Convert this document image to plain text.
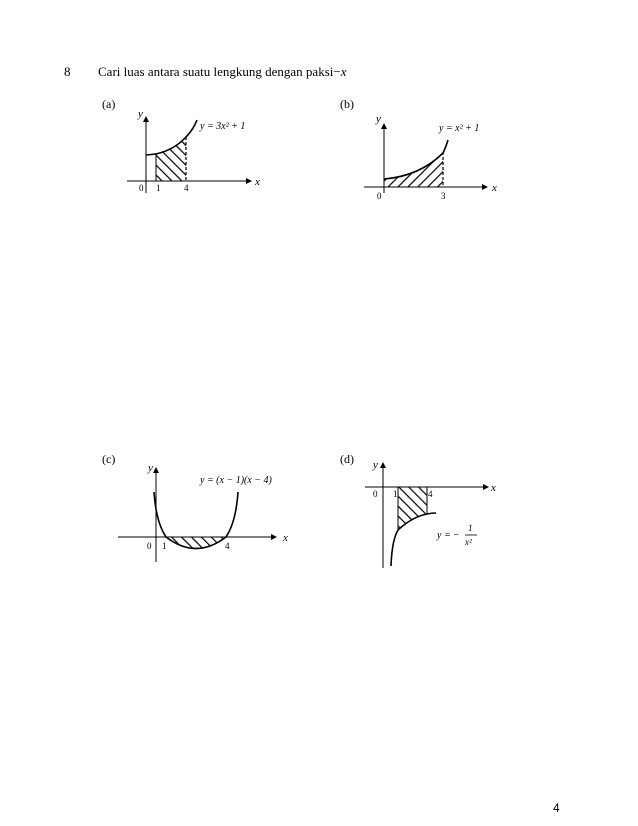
8 Cari luas antara suatu lengkung dengan paksi−x
(a)
y
x
0 1	4
y = 3x² + 1
(b)
y
x
0	3
y = x² + 1
(c)
y
x
0 1	4
y = (x − 1)(x − 4)
(d) y
x
0 1	4
y = −
1
x²
4
